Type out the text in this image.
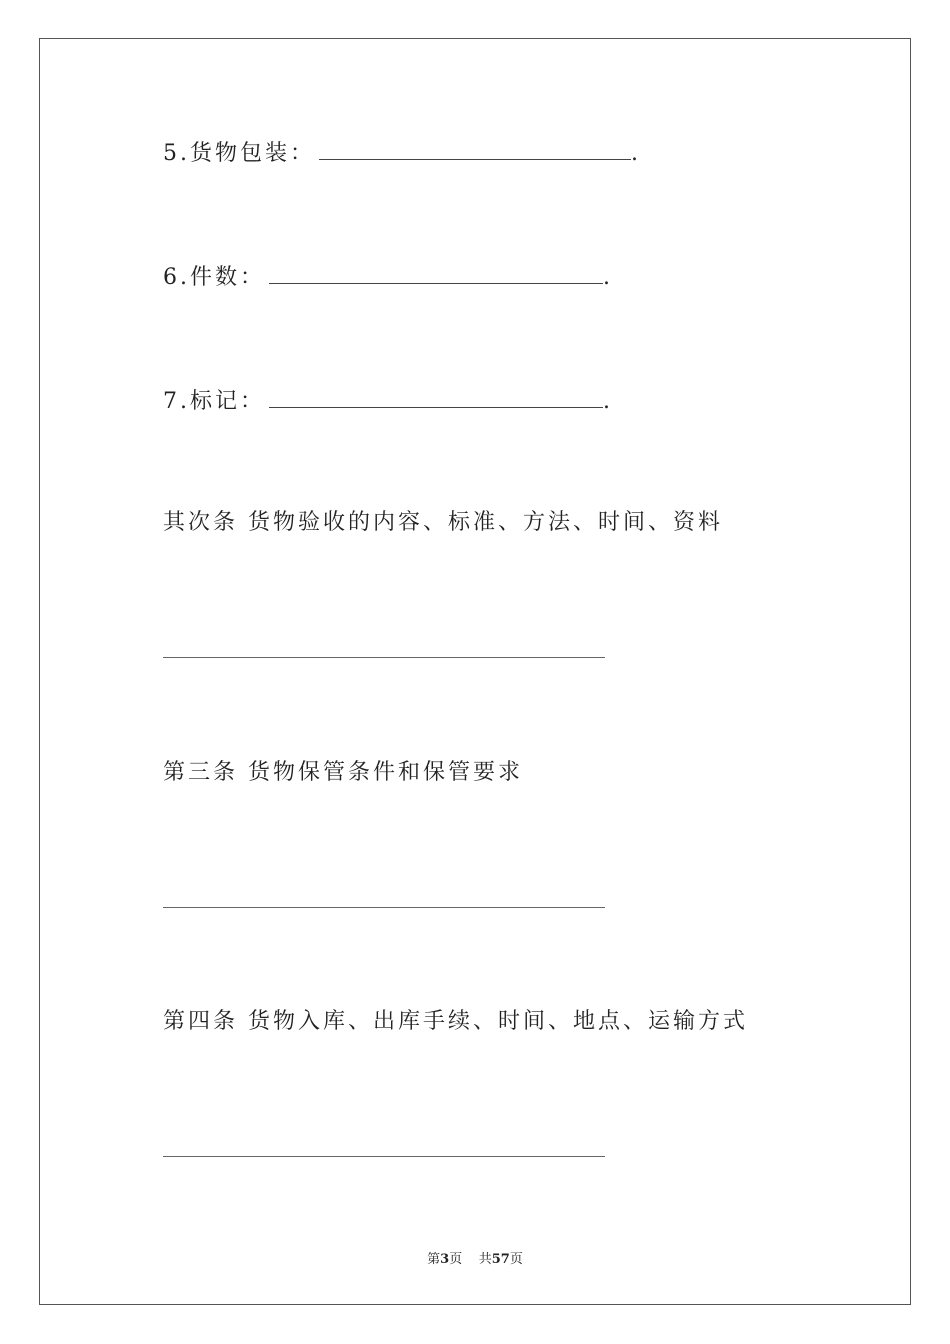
5.货物包装：	.
6.件数：	.
7.标记：	.
其次条 货物验收的内容、标准、方法、时间、资料
第三条 货物保管条件和保管要求
第四条 货物入库、出库手续、时间、地点、运输方式
第3页 共57页
